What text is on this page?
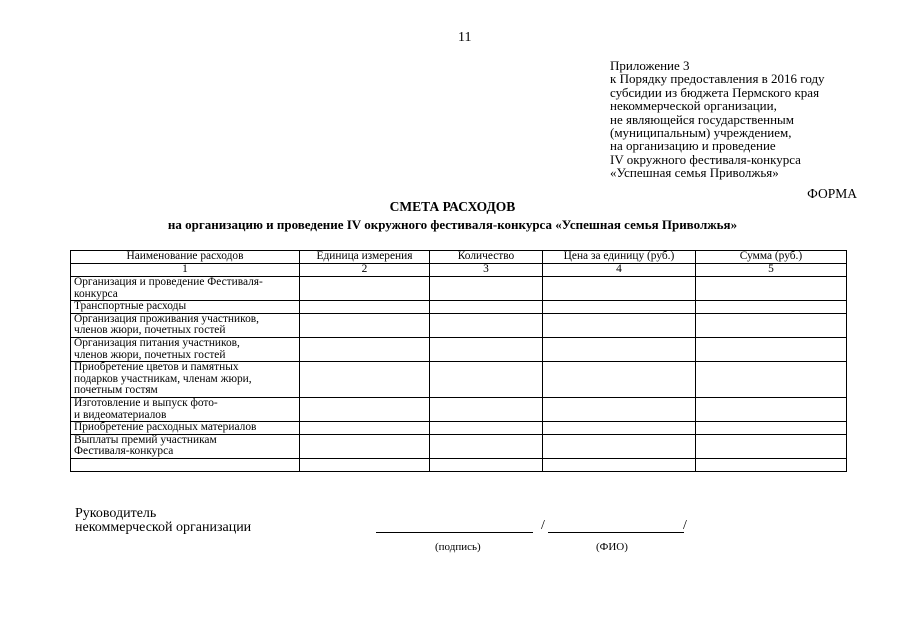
11
Приложение 3
к Порядку предоставления в 2016 году
субсидии из бюджета Пермского края
некоммерческой организации,
не являющейся государственным
(муниципальным) учреждением,
на организацию и проведение
IV окружного фестиваля-конкурса
«Успешная семья Приволжья»
ФОРМА
СМЕТА РАСХОДОВ
на организацию и проведение IV окружного фестиваля-конкурса «Успешная семья Приволжья»
Наименование расходов	Единица измерения	Количество	Цена за единицу (руб.)	Сумма (руб.)
1	2	3	4	5

Организация и проведение Фестиваля-
конкурса				

Транспортные расходы				

Организация проживания участников,
членов жюри, почетных гостей				

Организация питания участников,
членов жюри, почетных гостей				

Приобретение цветов и памятных
подарков участникам, членам жюри,
почетным гостям				

Изготовление и выпуск фото-
и видеоматериалов				

Приобретение расходных материалов				

Выплаты премий участникам
Фестиваля-конкурса				

Руководитель
некоммерческой организации	/	/
(подпись)	(ФИО)
